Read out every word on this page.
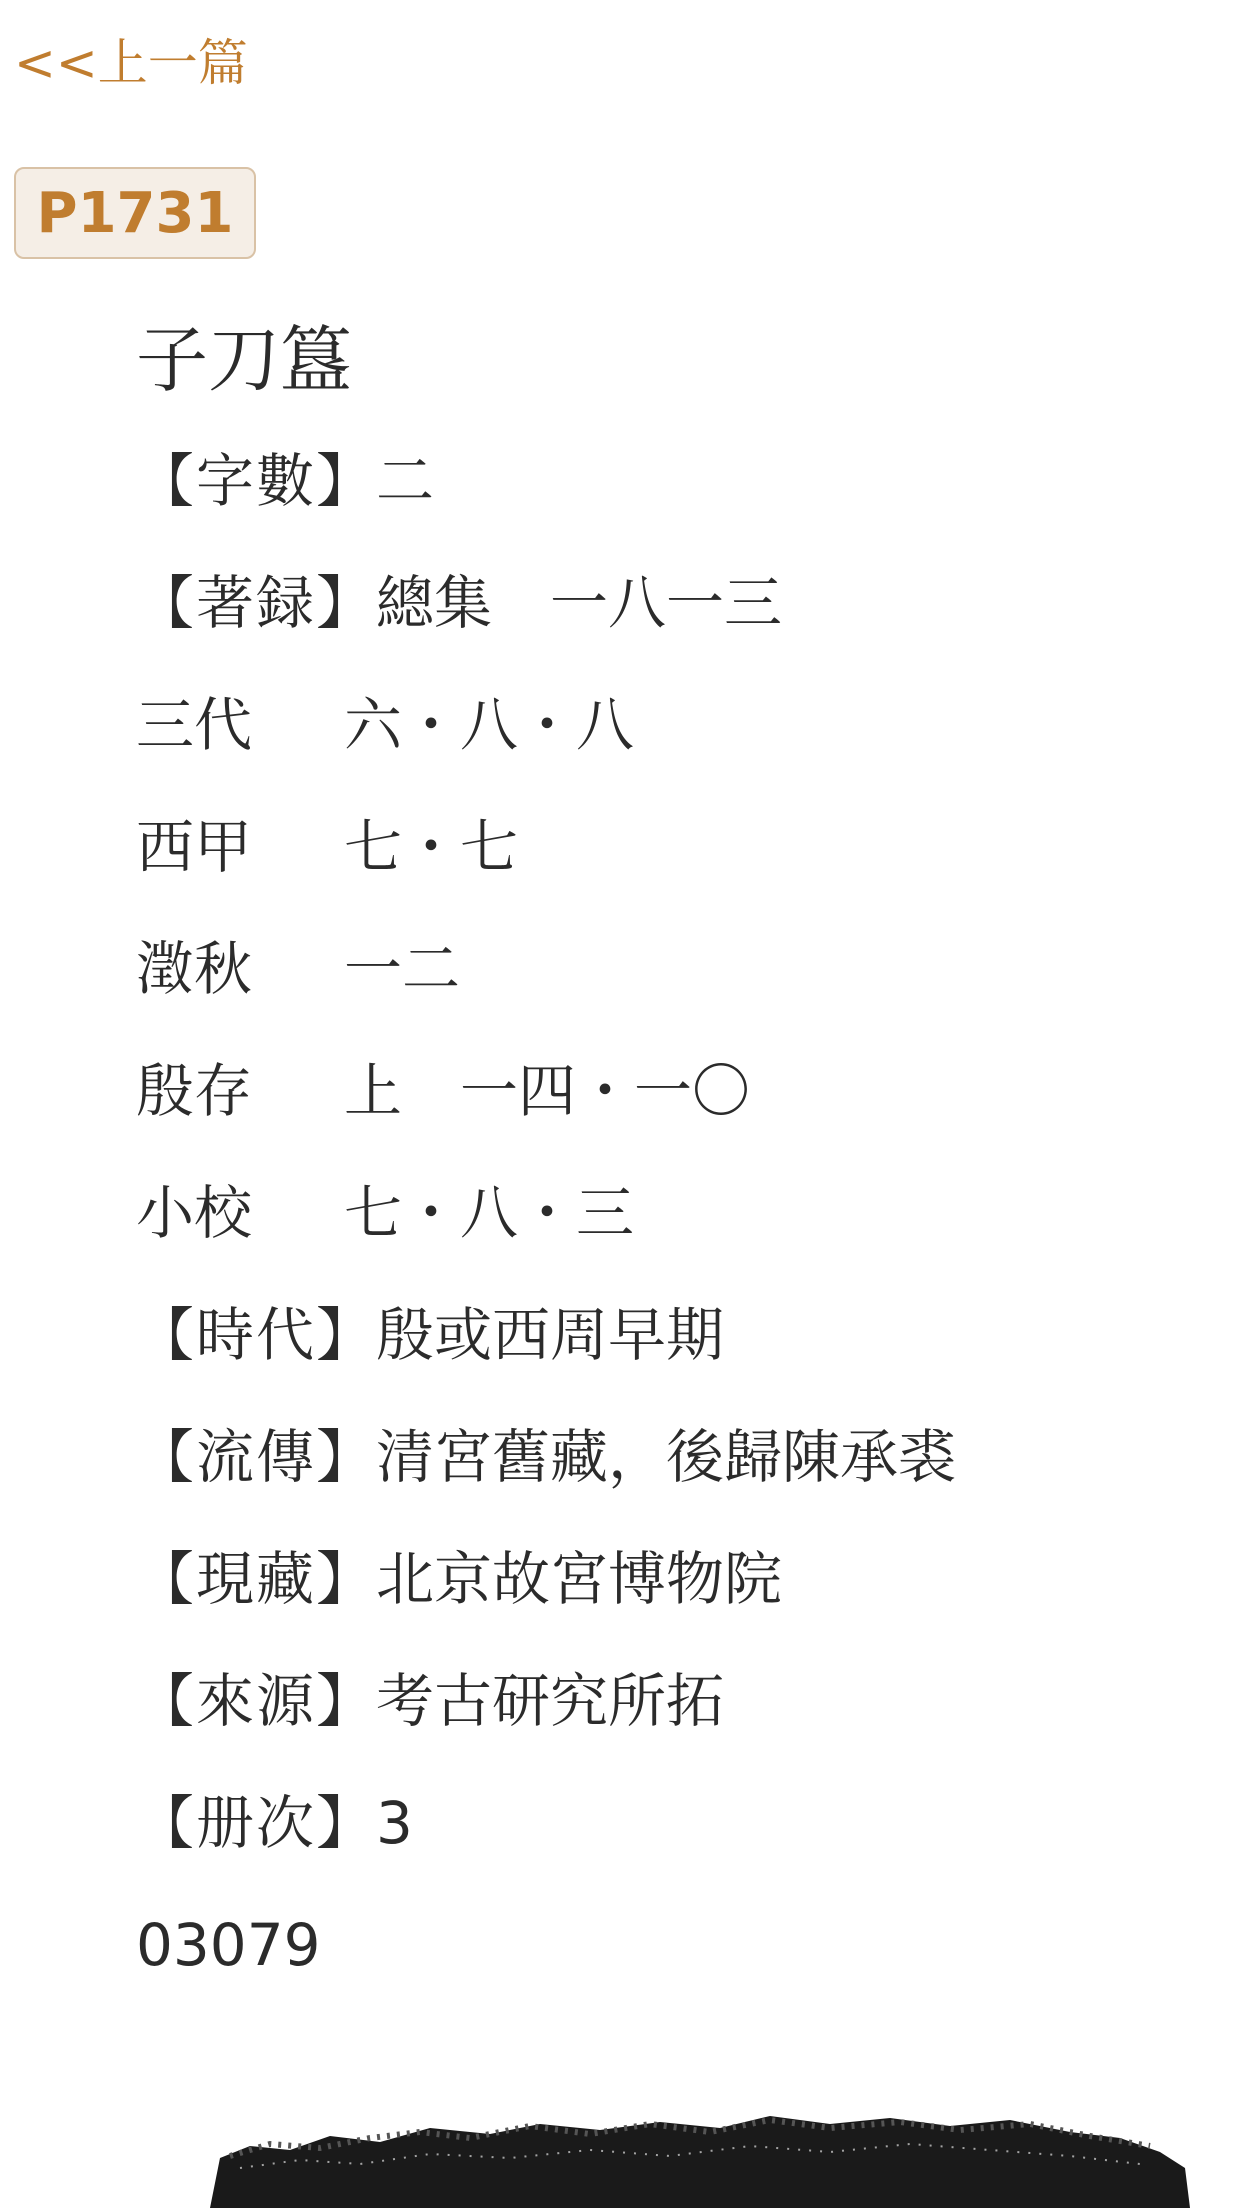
<<上一篇
P1731
子刀簋
【字數】二
【著録】總集　一八一三
三代 六・八・八
西甲 七・七
澂秋 一二
殷存 上　一四・一〇
小校 七・八・三
【時代】殷或西周早期
【流傳】清宮舊藏，後歸陳承裘
【現藏】北京故宮博物院
【來源】考古研究所拓
【册次】3
03079
